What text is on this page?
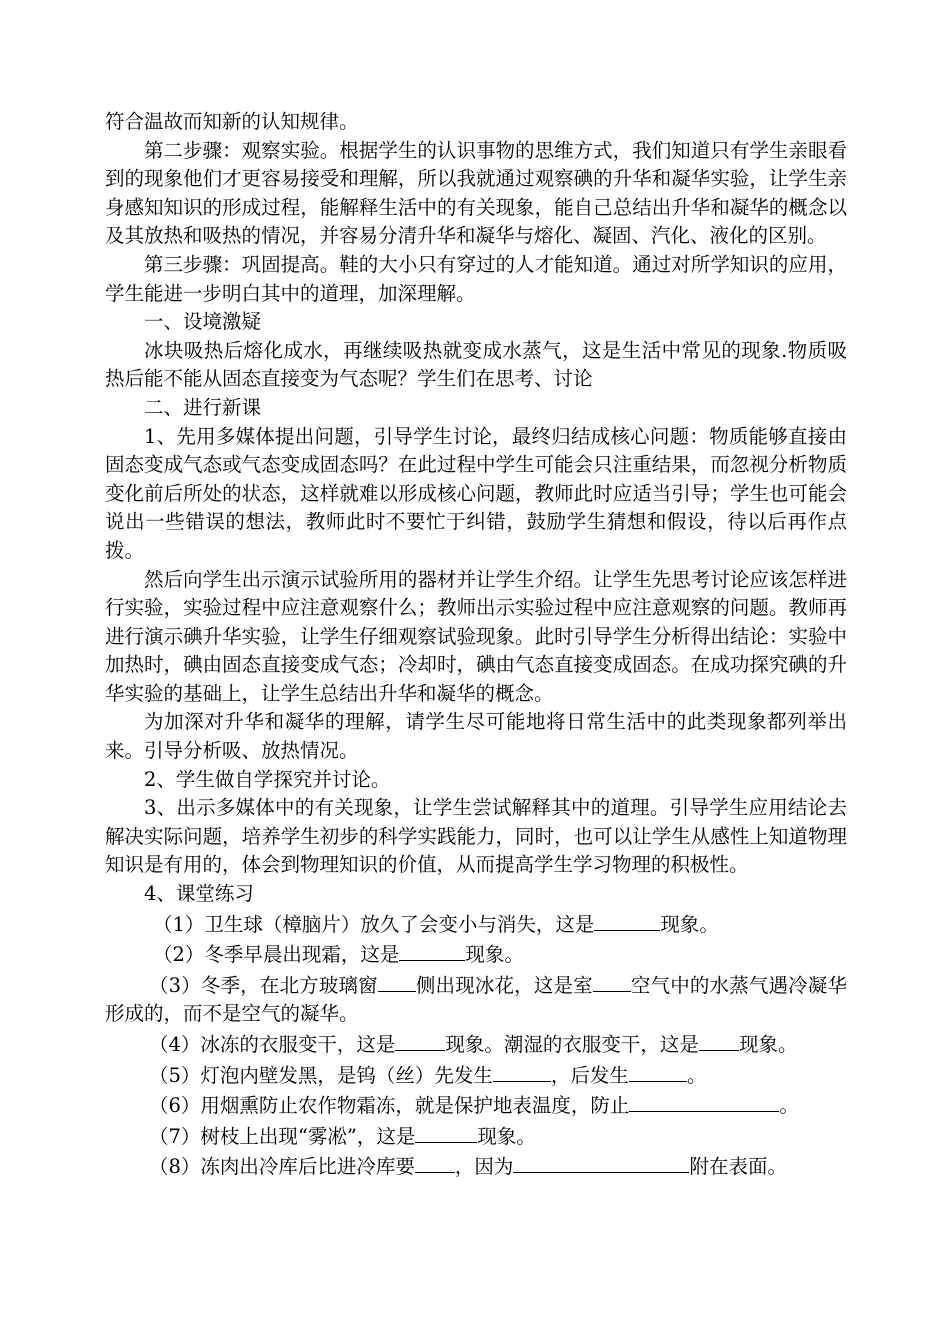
符合温故而知新的认知规律。

第二步骤：观察实验。根据学生的认识事物的思维方式，我们知道只有学生亲眼看到的现象他们才更容易接受和理解，所以我就通过观察碘的升华和凝华实验，让学生亲身感知知识的形成过程，能解释生活中的有关现象，能自己总结出升华和凝华的概念以及其放热和吸热的情况，并容易分清升华和凝华与熔化、凝固、汽化、液化的区别。

第三步骤：巩固提高。鞋的大小只有穿过的人才能知道。通过对所学知识的应用，学生能进一步明白其中的道理，加深理解。

一、设境激疑

冰块吸热后熔化成水，再继续吸热就变成水蒸气，这是生活中常见的现象.物质吸热后能不能从固态直接变为气态呢？学生们在思考、讨论

二、进行新课

1、先用多媒体提出问题，引导学生讨论，最终归结成核心问题：物质能够直接由固态变成气态或气态变成固态吗？在此过程中学生可能会只注重结果，而忽视分析物质变化前后所处的状态，这样就难以形成核心问题，教师此时应适当引导；学生也可能会说出一些错误的想法，教师此时不要忙于纠错，鼓励学生猜想和假设，待以后再作点拨。

然后向学生出示演示试验所用的器材并让学生介绍。让学生先思考讨论应该怎样进行实验，实验过程中应注意观察什么；教师出示实验过程中应注意观察的问题。教师再进行演示碘升华实验，让学生仔细观察试验现象。此时引导学生分析得出结论：实验中加热时，碘由固态直接变成气态；冷却时，碘由气态直接变成固态。在成功探究碘的升华实验的基础上，让学生总结出升华和凝华的概念。

为加深对升华和凝华的理解，请学生尽可能地将日常生活中的此类现象都列举出来。引导分析吸、放热情况。

2、学生做自学探究并讨论。

3、出示多媒体中的有关现象，让学生尝试解释其中的道理。引导学生应用结论去解决实际问题，培养学生初步的科学实践能力，同时，也可以让学生从感性上知道物理知识是有用的，体会到物理知识的价值，从而提高学生学习物理的积极性。

4、课堂练习

（1）卫生球（樟脑片）放久了会变小与消失，这是	现象。

（2）冬季早晨出现霜，这是	现象。

（3）冬季，在北方玻璃窗 侧出现冰花，这是室 空气中的水蒸气遇冷凝华形成的，而不是空气的凝华。

（4）冰冻的衣服变干，这是	现象。潮湿的衣服变干，这是 现象。

（5）灯泡内壁发黑，是钨（丝）先发生	，后发生	。

（6）用烟熏防止农作物霜冻，就是保护地表温度，防止	。

（7）树枝上出现“雾凇”，这是	现象。

（8）冻肉出冷库后比进冷库要 ，因为	附在表面。
